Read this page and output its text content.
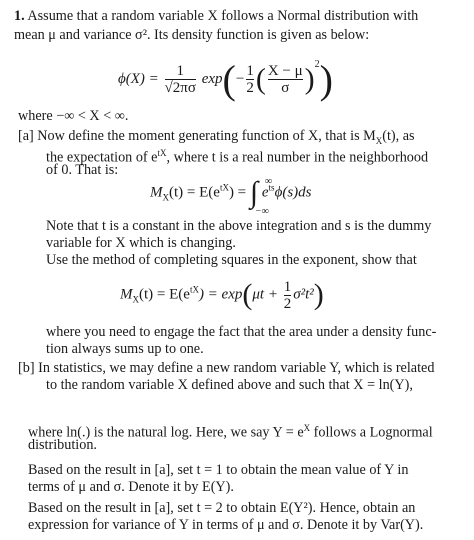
1. Assume that a random variable X follows a Normal distribution with
mean μ and variance σ². Its density function is given as below:
$\phi(X) = \frac{1}{√2\pi\sigma} \exp(- \frac{1}{2}$ ( $\frac{X - \mu}{\sigma} )^2$)
where −∞ < X < ∞.
[a] Now define the moment generating function of X, that is $M_X(t)$, as
the expectation of $e^{tX}$, where t is a real number in the neighborhood
of 0. That is:
$M_X(t) = E(e^{tX})$ = ∫ $e^{ts}\phi(s)ds$
∞
−∞
Note that t is a constant in the above integration and s is the dummy
variable for X which is changing.
Use the method of completing squares in the exponent, show that
$M_X(t) = E(e^{tX}) = \exp(\mu t + \frac{1}{2} \sigma^2t^2)$
where you need to engage the fact that the area under a density func-
tion always sums up to one.
[b] In statistics, we may define a new random variable Y, which is related
to the random variable X defined above and such that X = ln(Y),
where ln(.) is the natural log. Here, we say $Y = e^X$ follows a Lognormal
distribution.
Based on the result in [a], set t = 1 to obtain the mean value of Y in
terms of μ and σ. Denote it by E(Y).
Based on the result in [a], set t = 2 to obtain E(Y²). Hence, obtain an
expression for variance of Y in terms of μ and σ. Denote it by Var(Y).
